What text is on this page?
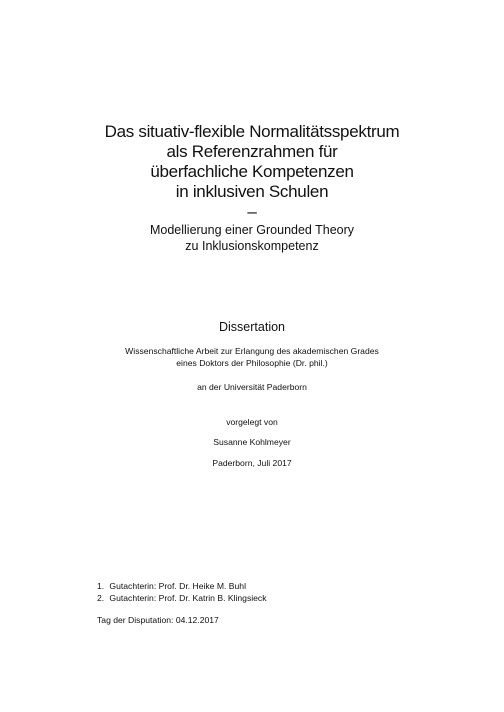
Das situativ-flexible Normalitätsspektrum
als Referenzrahmen für
überfachliche Kompetenzen
in inklusiven Schulen
–
Modellierung einer Grounded Theory
zu Inklusionskompetenz
Dissertation
Wissenschaftliche Arbeit zur Erlangung des akademischen Grades
eines Doktors der Philosophie (Dr. phil.)
an der Universität Paderborn
vorgelegt von
Susanne Kohlmeyer
Paderborn, Juli 2017
1. Gutachterin: Prof. Dr. Heike M. Buhl
2. Gutachterin: Prof. Dr. Katrin B. Klingsieck
Tag der Disputation: 04.12.2017
